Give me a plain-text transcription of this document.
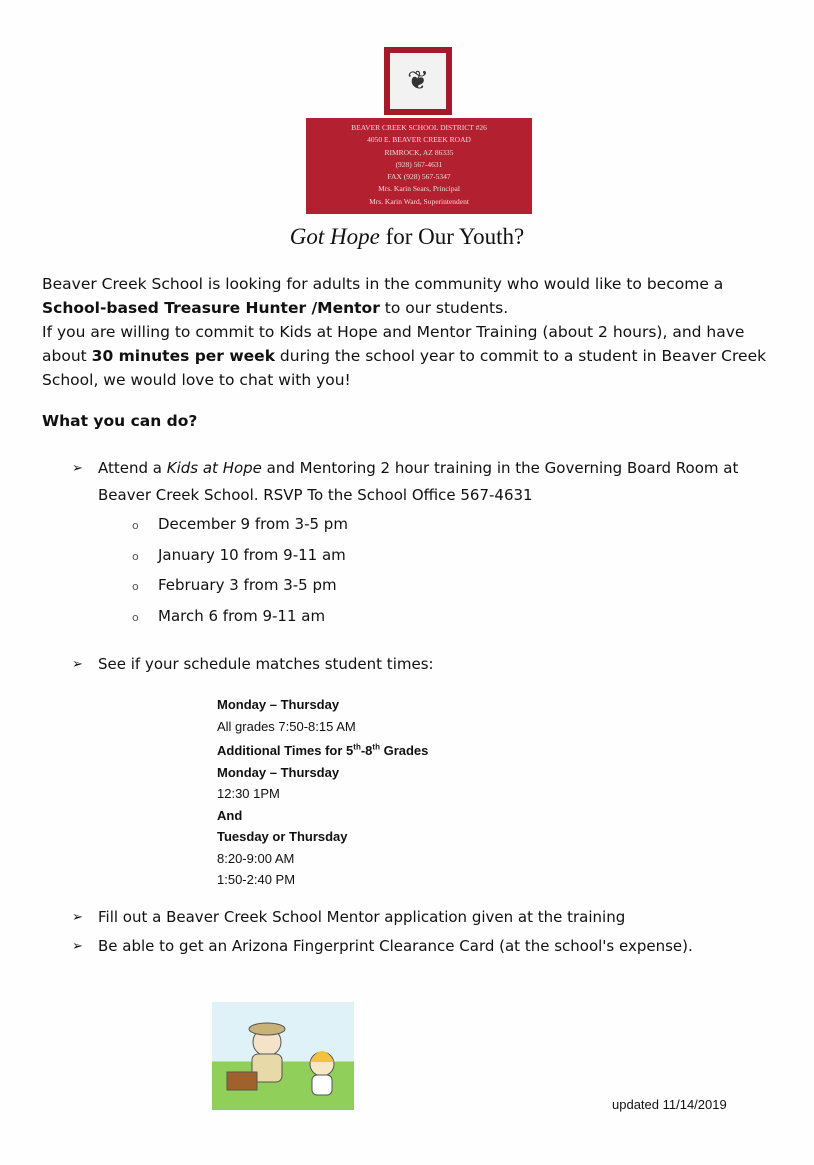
❦
BEAVER CREEK SCHOOL DISTRICT #26
4050 E. BEAVER CREEK ROAD
RIMROCK, AZ 86335
(928) 567-4631
FAX (928) 567-5347
Mrs. Karin Sears, Principal
Mrs. Karin Ward, Superintendent
Got Hope for Our Youth?

Beaver Creek School is looking for adults in the community who would like to become a School-based Treasure Hunter /Mentor to our students.

If you are willing to commit to Kids at Hope and Mentor Training (about 2 hours), and have about 30 minutes per week during the school year to commit to a student in Beaver Creek School, we would love to chat with you!

What you can do?
➢ Attend a Kids at Hope and Mentoring 2 hour training in the Governing Board Room at Beaver Creek School. RSVP To the School Office 567-4631
o December 9 from 3-5 pm
o January 10 from 9-11 am
o February 3 from 3-5 pm
o March 6 from 9-11 am
➢ See if your schedule matches student times:
Monday – Thursday
All grades 7:50-8:15 AM
Additional Times for 5th-8th Grades
Monday – Thursday
12:30 1PM
And
Tuesday or Thursday
8:20-9:00 AM
1:50-2:40 PM
➢ Fill out a Beaver Creek School Mentor application given at the training
➢ Be able to get an Arizona Fingerprint Clearance Card (at the school's expense).
updated 11/14/2019
